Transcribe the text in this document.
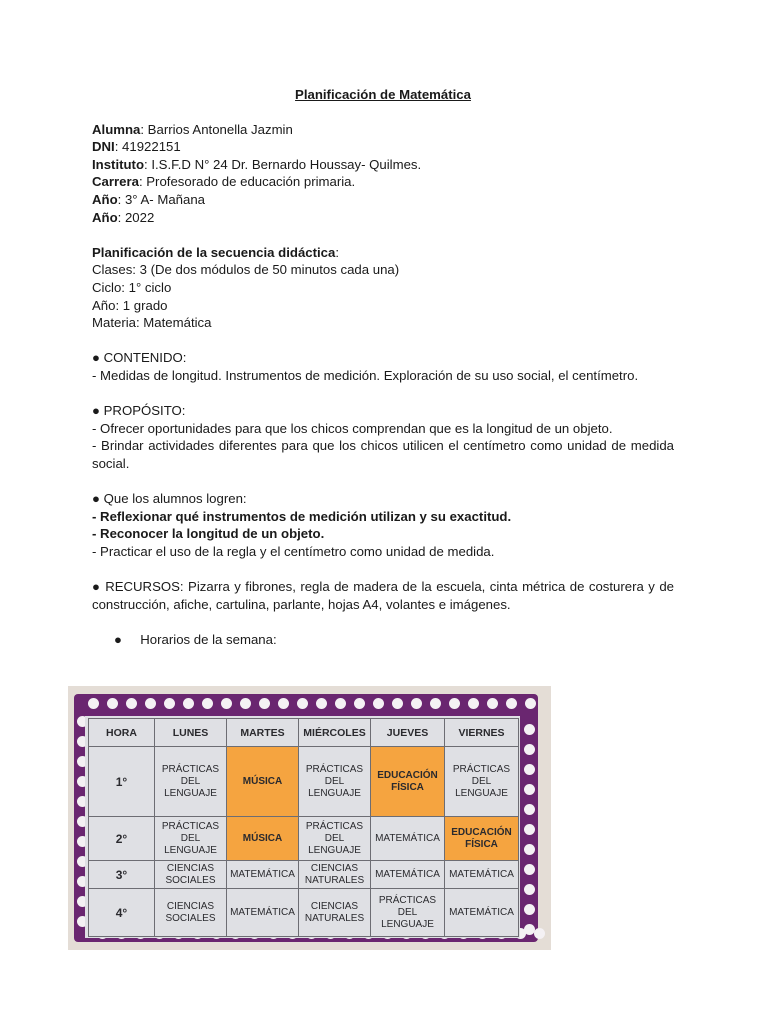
Planificación de Matemática
Alumna: Barrios Antonella Jazmin
DNI: 41922151
Instituto: I.S.F.D N° 24 Dr. Bernardo Houssay- Quilmes.
Carrera: Profesorado de educación primaria.
Año: 3° A- Mañana
Año: 2022
Planificación de la secuencia didáctica:
Clases: 3 (De dos módulos de 50 minutos cada una)
Ciclo: 1° ciclo
Año: 1 grado
Materia: Matemática
● CONTENIDO:
- Medidas de longitud. Instrumentos de medición. Exploración de su uso social, el centímetro.
● PROPÓSITO:
- Ofrecer oportunidades para que los chicos comprendan que es la longitud de un objeto.
- Brindar actividades diferentes para que los chicos utilicen el centímetro como unidad de medida social.
● Que los alumnos logren:
- Reflexionar qué instrumentos de medición utilizan y su exactitud.
- Reconocer la longitud de un objeto.
- Practicar el uso de la regla y el centímetro como unidad de medida.
● RECURSOS: Pizarra y fibrones, regla de madera de la escuela, cinta métrica de costurera y de construcción, afiche, cartulina, parlante, hojas A4, volantes e imágenes.
●     Horarios de la semana:
HORA	LUNES	MARTES	MIÉRCOLES	JUEVES	VIERNES
1°	PRÁCTICAS DEL LENGUAJE	MÚSICA	PRÁCTICAS DEL LENGUAJE	EDUCACIÓN FÍSICA	PRÁCTICAS DEL LENGUAJE
2°	PRÁCTICAS DEL LENGUAJE	MÚSICA	PRÁCTICAS DEL LENGUAJE	MATEMÁTICA	EDUCACIÓN FÍSICA
3°	CIENCIAS SOCIALES	MATEMÁTICA	CIENCIAS NATURALES	MATEMÁTICA	MATEMÁTICA
4°	CIENCIAS SOCIALES	MATEMÁTICA	CIENCIAS NATURALES	PRÁCTICAS DEL LENGUAJE	MATEMÁTICA
